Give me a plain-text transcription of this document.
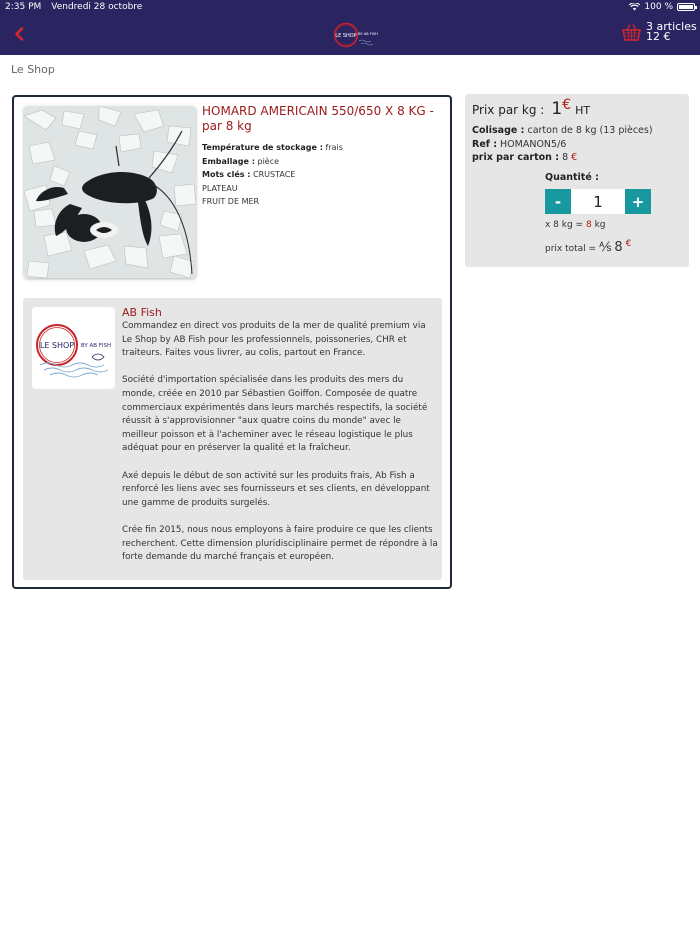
2:35 PM Vendredi 28 octobre	100 %
LE SHOP BY AB FISH
3 articles
12 €
Le Shop
HOMARD AMERICAIN 550/650 X 8 KG - par 8 kg
Température de stockage : frais
Emballage : pièce
Mots clés : CRUSTACE
PLATEAU
FRUIT DE MER
LE SHOP BY AB FISH
AB Fish

Commandez en direct vos produits de la mer de qualité premium via Le Shop by AB Fish pour les professionnels, poissoneries, CHR et traiteurs. Faites vous livrer, au colis, partout en France.

Société d'importation spécialisée dans les produits des mers du monde, créée en 2010 par Sébastien Goiffon. Composée de quatre commerciaux expérimentés dans leurs marchés respectifs, la société réussit à s'approvisionner "aux quatre coins du monde" avec le meilleur poisson et à l'acheminer avec le réseau logistique le plus adéquat pour en préserver la qualité et la fraîcheur.

Axé depuis le début de son activité sur les produits frais, Ab Fish a renforcé les liens avec ses fournisseurs et ses clients, en développant une gamme de produits surgelés.

Crée fin 2015, nous nous employons à faire produire ce que les clients recherchent. Cette dimension pluridisciplinaire permet de répondre à la forte demande du marché français et européen.

Prix par kg : 1 € HT
Colisage : carton de 8 kg (13 pièces)
Ref : HOMANON5/6
prix par carton : 8 €
Quantité :
-
1	+
x 8 kg = 8 kg
prix total = ⅍ 8 €
